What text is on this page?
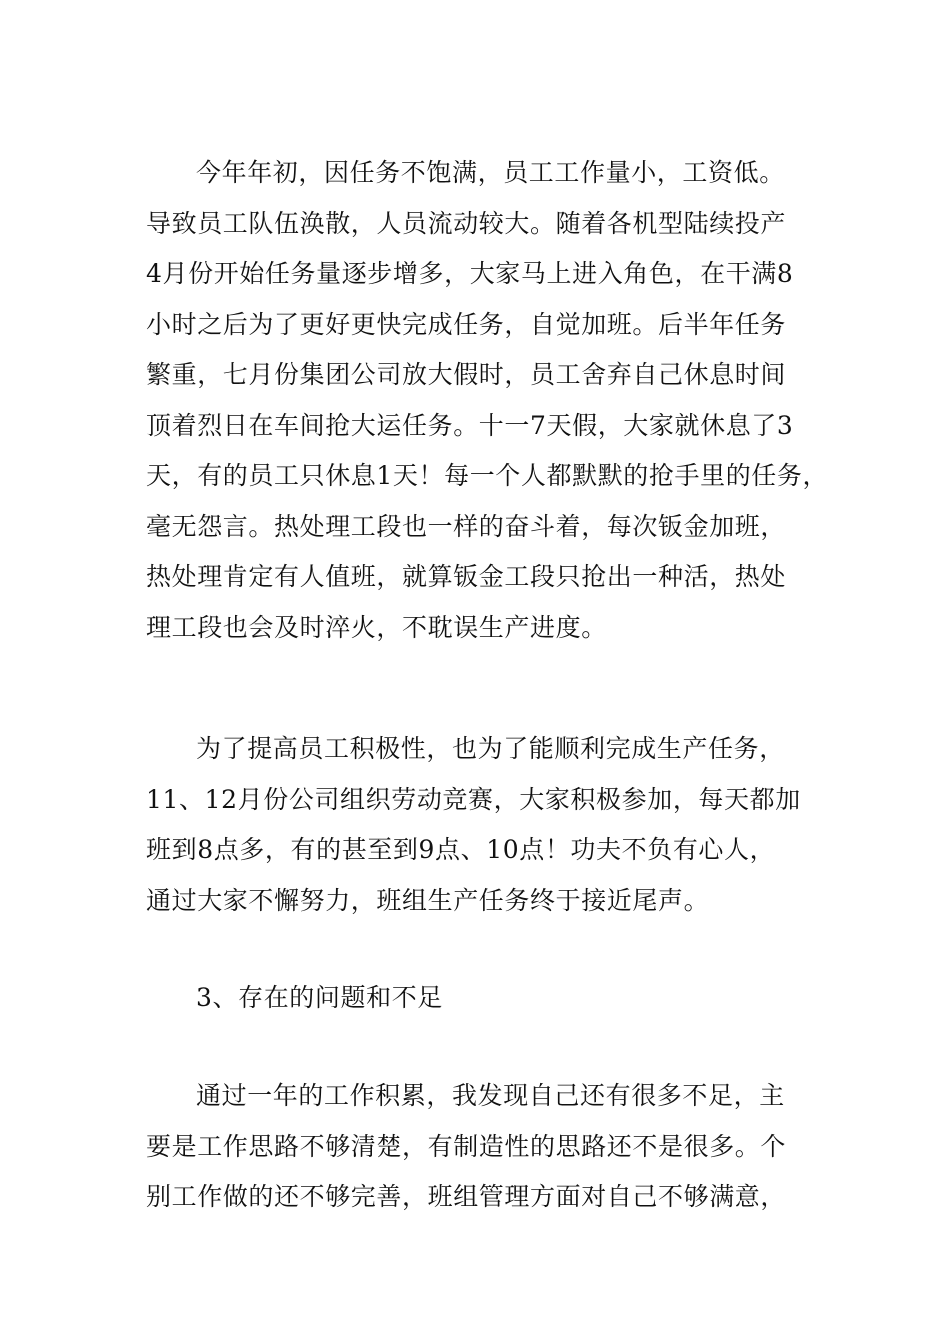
今年年初，因任务不饱满，员工工作量小，工资低。
导致员工队伍涣散，人员流动较大。随着各机型陆续投产
4月份开始任务量逐步增多，大家马上进入角色，在干满8
小时之后为了更好更快完成任务，自觉加班。后半年任务
繁重，七月份集团公司放大假时，员工舍弃自己休息时间
顶着烈日在车间抢大运任务。十一7天假，大家就休息了3
天，有的员工只休息1天！每一个人都默默的抢手里的任务，
毫无怨言。热处理工段也一样的奋斗着，每次钣金加班，
热处理肯定有人值班，就算钣金工段只抢出一种活，热处
理工段也会及时淬火，不耽误生产进度。
为了提高员工积极性，也为了能顺利完成生产任务，
11、12月份公司组织劳动竞赛，大家积极参加，每天都加
班到8点多，有的甚至到9点、10点！功夫不负有心人，
通过大家不懈努力，班组生产任务终于接近尾声。
3、存在的问题和不足
通过一年的工作积累，我发现自己还有很多不足，主
要是工作思路不够清楚，有制造性的思路还不是很多。个
别工作做的还不够完善，班组管理方面对自己不够满意，
